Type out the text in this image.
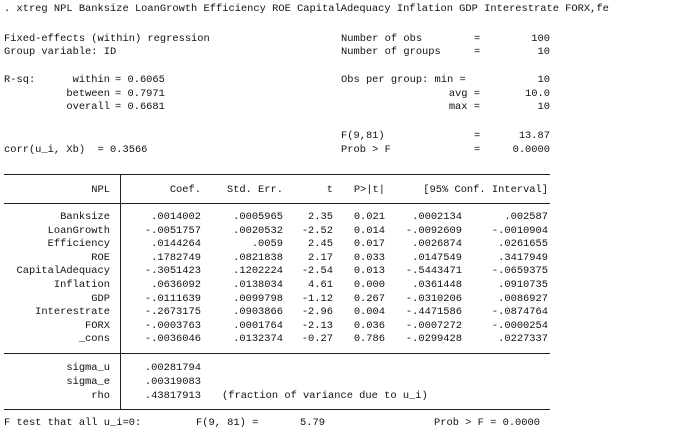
. xtreg NPL Banksize LoanGrowth Efficiency ROE CapitalAdequacy Inflation GDP Interestrate FORX,fe
Fixed-effects (within) regression
Group variable: ID
R-sq:	within = 0.6065
between = 0.7971
overall = 0.6681
corr(u_i, Xb)  = 0.3566
Number of obs	=	100
Number of groups	=	10
Obs per group: min =	10
avg =	10.0
max =	10
F(9,81)	=	13.87
Prob > F	=	0.0000
NPL	Coef.	Std. Err.	t	P>|t|	[95% Conf. Interval]
Banksize	.0014002	.0005965	2.35	0.021	.0002134	.002587
LoanGrowth	-.0051757	.0020532	-2.52	0.014	-.0092609	-.0010904
Efficiency	.0144264	.0059	2.45	0.017	.0026874	.0261655
ROE	.1782749	.0821838	2.17	0.033	.0147549	.3417949
CapitalAdequacy	-.3051423	.1202224	-2.54	0.013	-.5443471	-.0659375
Inflation	.0636092	.0138034	4.61	0.000	.0361448	.0910735
GDP	-.0111639	.0099798	-1.12	0.267	-.0310206	.0086927
Interestrate	-.2673175	.0903866	-2.96	0.004	-.4471586	-.0874764
FORX	-.0003763	.0001764	-2.13	0.036	-.0007272	-.0000254
_cons	-.0036046	.0132374	-0.27	0.786	-.0299428	.0227337
sigma_u	.00281794
sigma_e	.00319083
rho	.43817913 (fraction of variance due to u_i)
F test that all u_i=0:	F(9, 81) =	5.79	Prob > F = 0.0000
